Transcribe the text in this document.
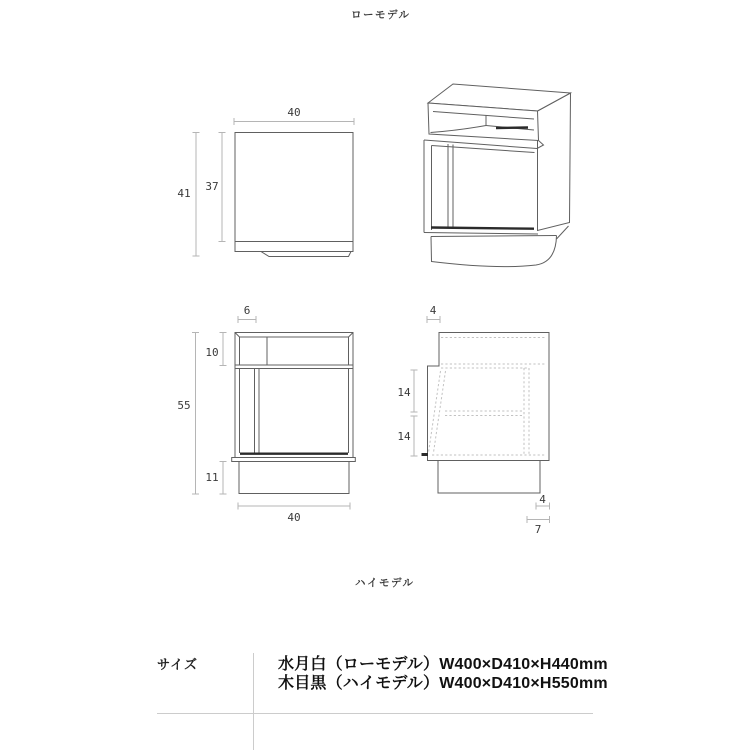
ローモデル
40
41
37
6
10
55
11
40
4
14
14
4
7
ハイモデル
サイズ	水月白（ローモデル）W400×D410×H440mm
木目黒（ハイモデル）W400×D410×H550mm
